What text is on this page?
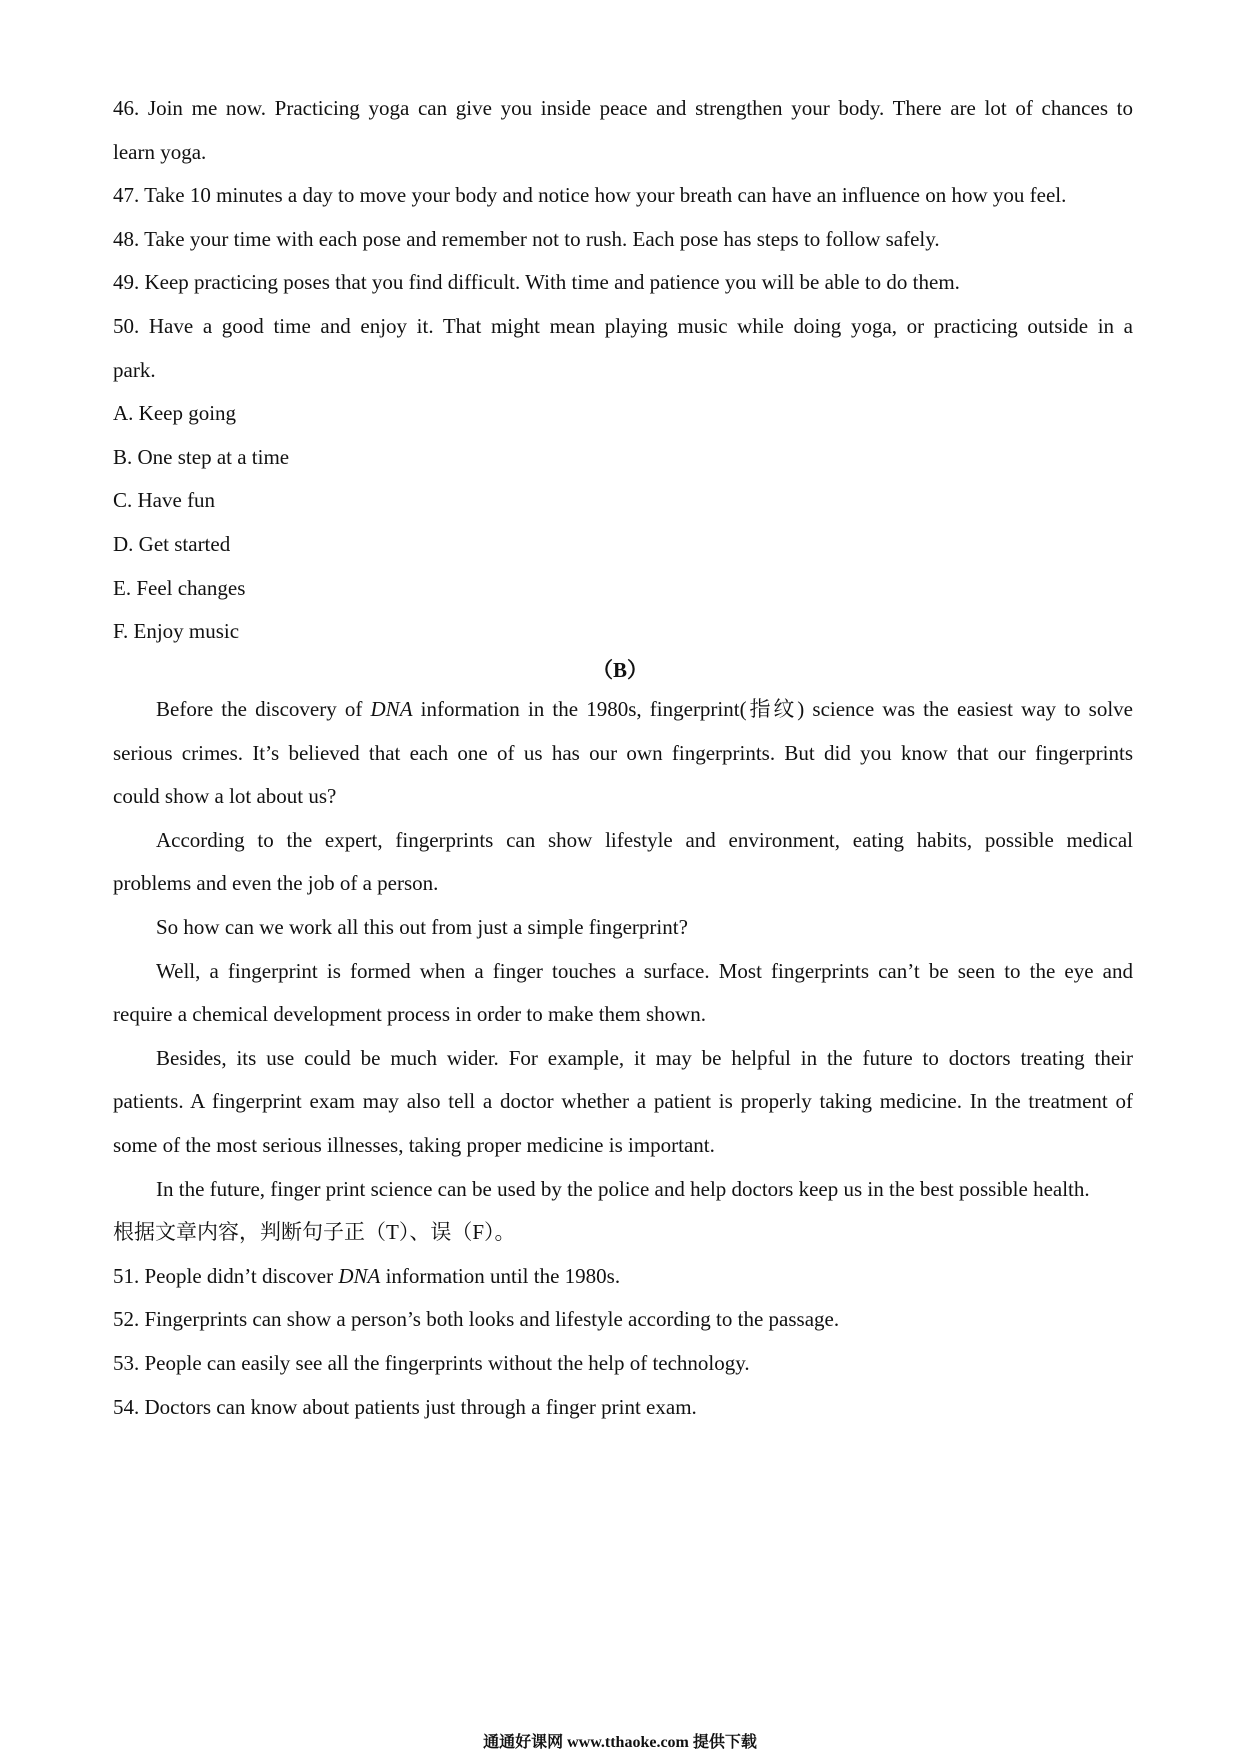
46. Join me now. Practicing yoga can give you inside peace and strengthen your body. There are lot of chances to
learn yoga.
47. Take 10 minutes a day to move your body and notice how your breath can have an influence on how you feel.
48. Take your time with each pose and remember not to rush. Each pose has steps to follow safely.
49. Keep practicing poses that you find difficult. With time and patience you will be able to do them.
50. Have a good time and enjoy it. That might mean playing music while doing yoga, or practicing outside in a
park.
A. Keep going
B. One step at a time
C. Have fun
D. Get started
E. Feel changes
F. Enjoy music
（B）
Before the discovery of DNA information in the 1980s, fingerprint(指纹) science was the easiest way to solve
serious crimes. It’s believed that each one of us has our own fingerprints. But did you know that our fingerprints
could show a lot about us?
According to the expert, fingerprints can show lifestyle and environment, eating habits, possible medical
problems and even the job of a person.
So how can we work all this out from just a simple fingerprint?
Well, a fingerprint is formed when a finger touches a surface. Most fingerprints can’t be seen to the eye and
require a chemical development process in order to make them shown.
Besides, its use could be much wider. For example, it may be helpful in the future to doctors treating their
patients. A fingerprint exam may also tell a doctor whether a patient is properly taking medicine. In the treatment of
some of the most serious illnesses, taking proper medicine is important.
In the future, finger print science can be used by the police and help doctors keep us in the best possible health.
根据文章内容，判断句子正（T）、误（F）。
51. People didn’t discover DNA information until the 1980s.
52. Fingerprints can show a person’s both looks and lifestyle according to the passage.
53. People can easily see all the fingerprints without the help of technology.
54. Doctors can know about patients just through a finger print exam.
通通好课网 www.tthaoke.com 提供下载
